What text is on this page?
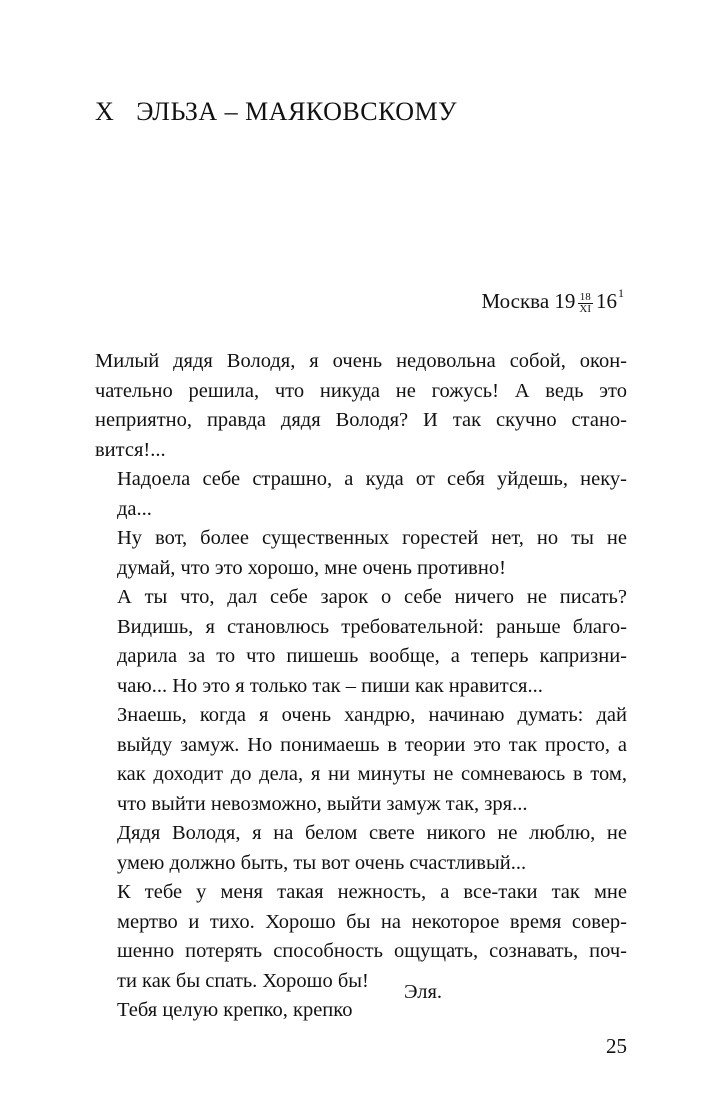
X ЭЛЬЗА – МАЯКОВСКОМУ
Москва $19 \frac{18}{XI} 16$ 1

Милый дядя Володя, я очень недовольна собой, окон-
чательно решила, что никуда не гожусь! А ведь это
неприятно, правда дядя Володя? И так скучно стано-
вится!...

Надоела себе страшно, а куда от себя уйдешь, неку-
да...

Ну вот, более существенных горестей нет, но ты не
думай, что это хорошо, мне очень противно!

А ты что, дал себе зарок о себе ничего не писать?
Видишь, я становлюсь требовательной: раньше благо-
дарила за то что пишешь вообще, а теперь капризни-
чаю... Но это я только так – пиши как нравится...

Знаешь, когда я очень хандрю, начинаю думать: дай
выйду замуж. Но понимаешь в теории это так просто, а
как доходит до дела, я ни минуты не сомневаюсь в том,
что выйти невозможно, выйти замуж так, зря...

Дядя Володя, я на белом свете никого не люблю, не
умею должно быть, ты вот очень счастливый...

К тебе у меня такая нежность, а все-таки так мне
мертво и тихо. Хорошо бы на некоторое время совер-
шенно потерять способность ощущать, сознавать, поч-
ти как бы спать. Хорошо бы!

Тебя целую крепко, крепко

Эля.
25
